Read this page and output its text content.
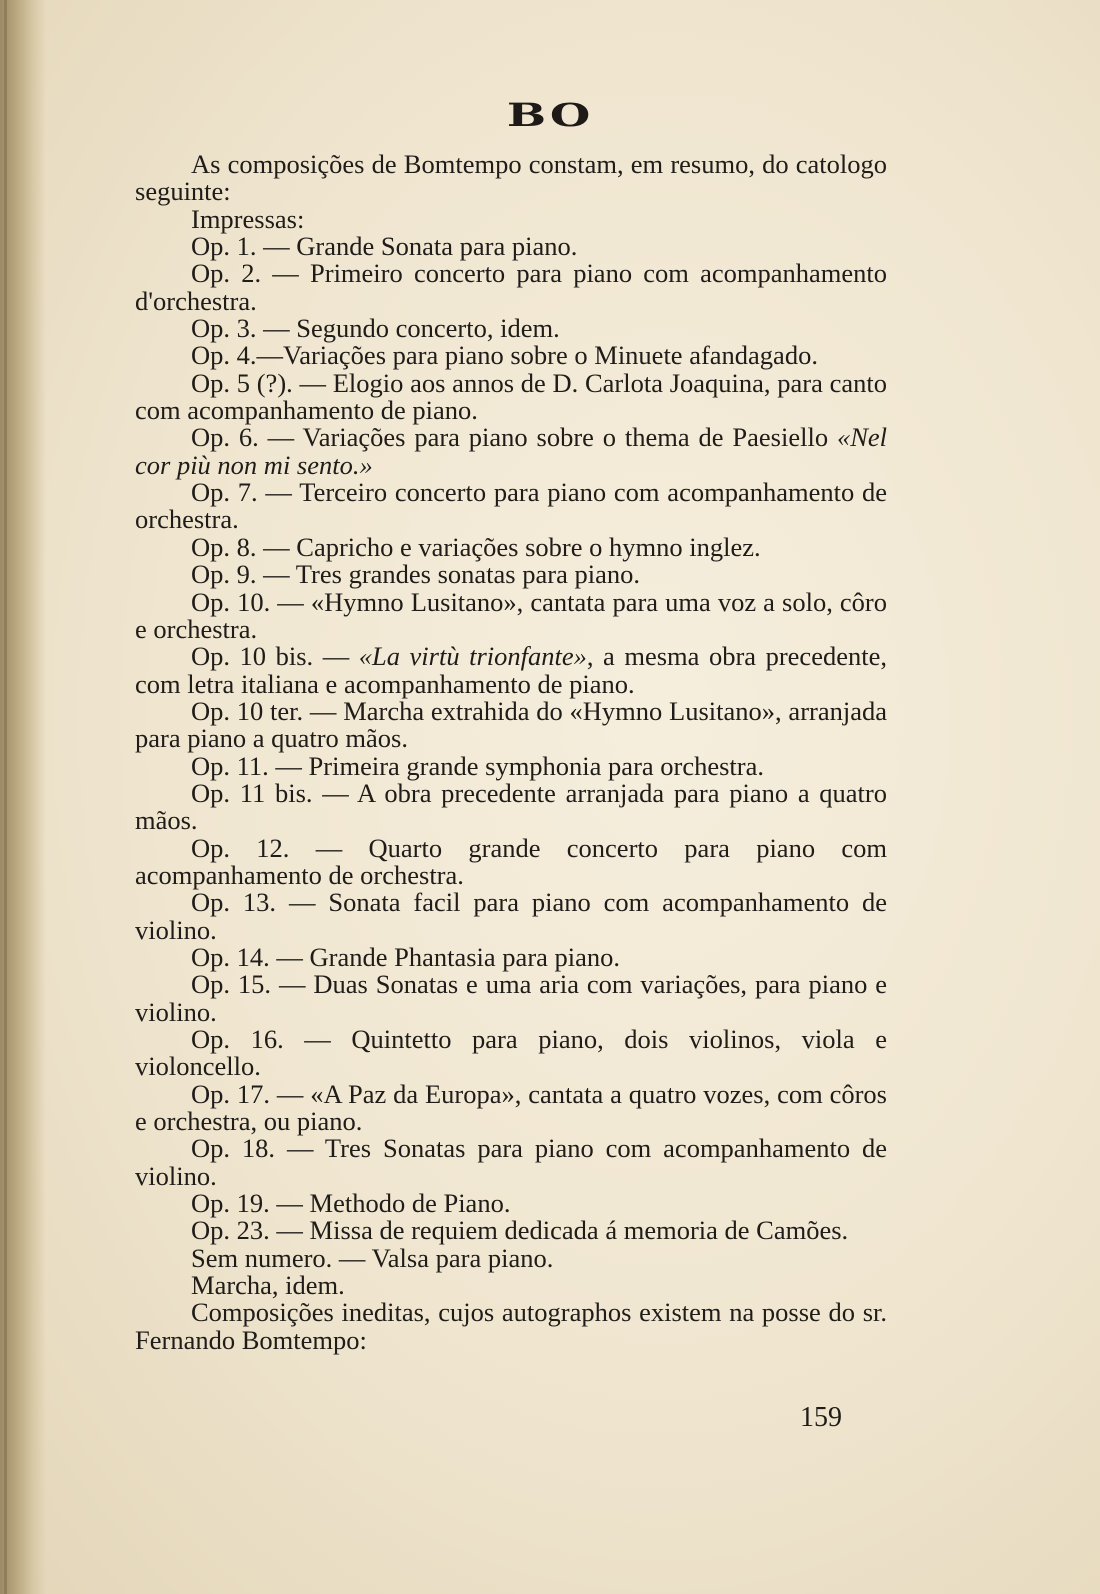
BO

As composições de Bomtempo constam, em resumo, do catologo seguinte:

Impressas:

Op. 1. — Grande Sonata para piano.

Op. 2. — Primeiro concerto para piano com acompanhamento d'orchestra.

Op. 3. — Segundo concerto, idem.

Op. 4.—Variações para piano sobre o Minuete afandagado.

Op. 5 (?). — Elogio aos annos de D. Carlota Joaquina, para canto com acompanhamento de piano.

Op. 6. — Variações para piano sobre o thema de Paesiello «Nel cor più non mi sento.»

Op. 7. — Terceiro concerto para piano com acompanhamento de orchestra.

Op. 8. — Capricho e variações sobre o hymno inglez.

Op. 9. — Tres grandes sonatas para piano.

Op. 10. — «Hymno Lusitano», cantata para uma voz a solo, côro e orchestra.

Op. 10 bis. — «La virtù trionfante», a mesma obra precedente, com letra italiana e acompanhamento de piano.

Op. 10 ter. — Marcha extrahida do «Hymno Lusitano», arranjada para piano a quatro mãos.

Op. 11. — Primeira grande symphonia para orchestra.

Op. 11 bis. — A obra precedente arranjada para piano a quatro mãos.

Op. 12. — Quarto grande concerto para piano com acompanhamento de orchestra.

Op. 13. — Sonata facil para piano com acompanhamento de violino.

Op. 14. — Grande Phantasia para piano.

Op. 15. — Duas Sonatas e uma aria com variações, para piano e violino.

Op. 16. — Quintetto para piano, dois violinos, viola e violoncello.

Op. 17. — «A Paz da Europa», cantata a quatro vozes, com côros e orchestra, ou piano.

Op. 18. — Tres Sonatas para piano com acompanhamento de violino.

Op. 19. — Methodo de Piano.

Op. 23. — Missa de requiem dedicada á memoria de Camões.

Sem numero. — Valsa para piano.

Marcha, idem.

Composições ineditas, cujos autographos existem na posse do sr. Fernando Bomtempo:

159
